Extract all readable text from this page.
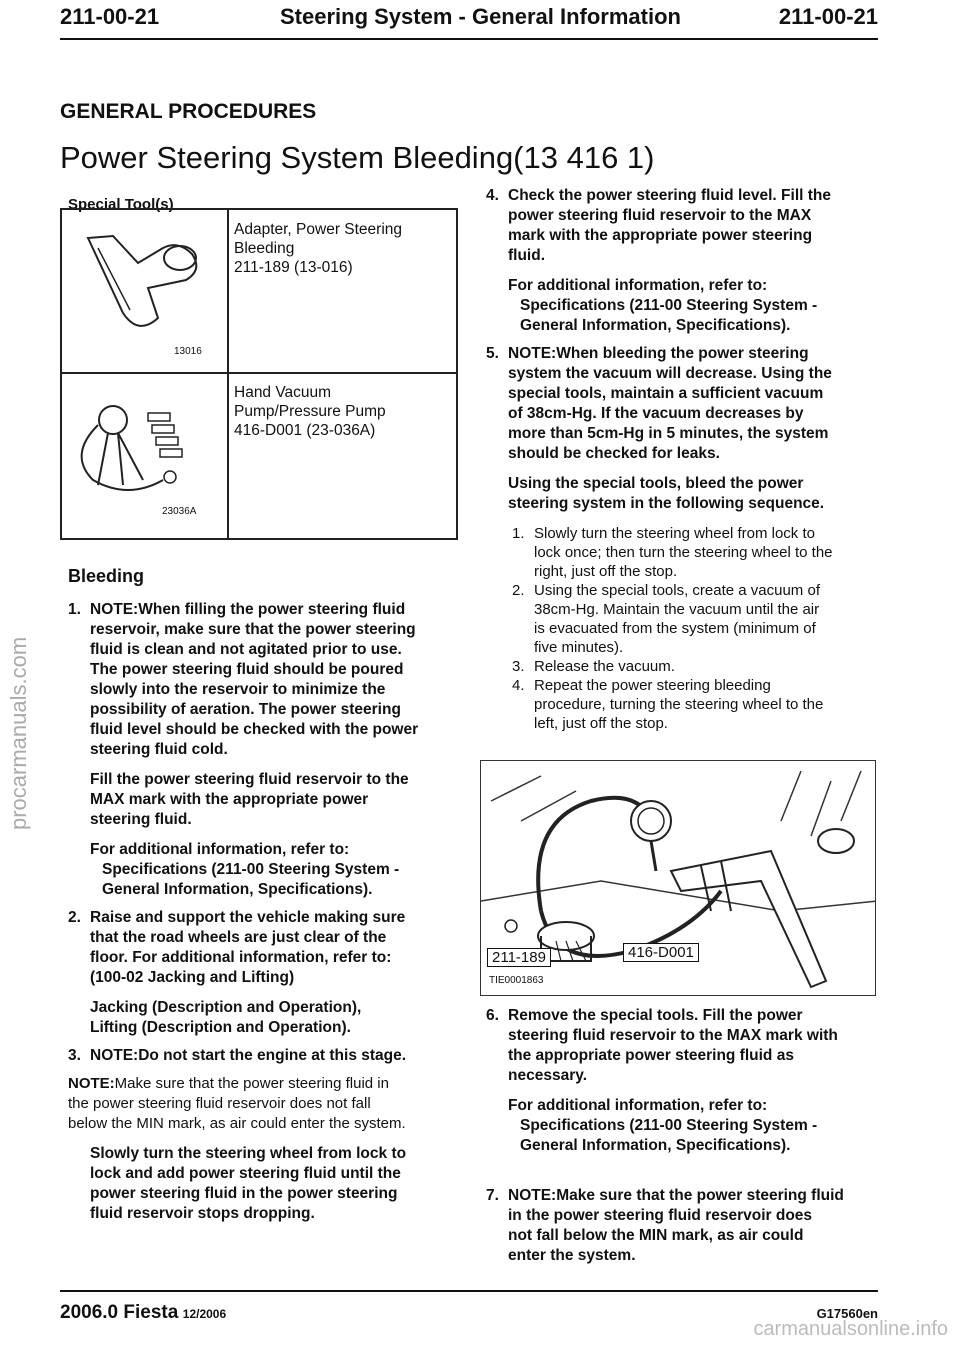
211-00-21	Steering System - General Information	211-00-21
GENERAL PROCEDURES
Power Steering System Bleeding(13 416 1)
Special Tool(s)
13016
Adapter, Power Steering
Bleeding
211-189 (13-016)
23036A
Hand Vacuum
Pump/Pressure Pump
416-D001 (23-036A)
Bleeding
1. NOTE:When filling the power steering fluid

reservoir, make sure that the power steering

fluid is clean and not agitated prior to use.

The power steering fluid should be poured

slowly into the reservoir to minimize the

possibility of aeration. The power steering

fluid level should be checked with the power

steering fluid cold.

Fill the power steering fluid reservoir to the

MAX mark with the appropriate power

steering fluid.

For additional information, refer to:

Specifications (211-00 Steering System -

General Information, Specifications).

2. Raise and support the vehicle making sure

that the road wheels are just clear of the

floor. For additional information, refer to:

(100-02 Jacking and Lifting)

Jacking (Description and Operation),

Lifting (Description and Operation).

3. NOTE:Do not start the engine at this stage.

NOTE:Make sure that the power steering fluid in

the power steering fluid reservoir does not fall

below the MIN mark, as air could enter the system.

Slowly turn the steering wheel from lock to

lock and add power steering fluid until the

power steering fluid in the power steering

fluid reservoir stops dropping.

4. Check the power steering fluid level. Fill the

power steering fluid reservoir to the MAX

mark with the appropriate power steering

fluid.

For additional information, refer to:

Specifications (211-00 Steering System -

General Information, Specifications).

5. NOTE:When bleeding the power steering

system the vacuum will decrease. Using the

special tools, maintain a sufficient vacuum

of 38cm-Hg. If the vacuum decreases by

more than 5cm-Hg in 5 minutes, the system

should be checked for leaks.

Using the special tools, bleed the power

steering system in the following sequence.

1. Slowly turn the steering wheel from lock to

lock once; then turn the steering wheel to the

right, just off the stop.

2. Using the special tools, create a vacuum of

38cm-Hg. Maintain the vacuum until the air

is evacuated from the system (minimum of

five minutes).

3. Release the vacuum.

4. Repeat the power steering bleeding

procedure, turning the steering wheel to the

left, just off the stop.

211-189	416-D001
TIE0001863
6. Remove the special tools. Fill the power

steering fluid reservoir to the MAX mark with

the appropriate power steering fluid as

necessary.

For additional information, refer to:

Specifications (211-00 Steering System -

General Information, Specifications).

7. NOTE:Make sure that the power steering fluid

in the power steering fluid reservoir does

not fall below the MIN mark, as air could

enter the system.

2006.0 Fiesta 12/2006	G17560en
procarmanuals.com
carmanualsonline.info
